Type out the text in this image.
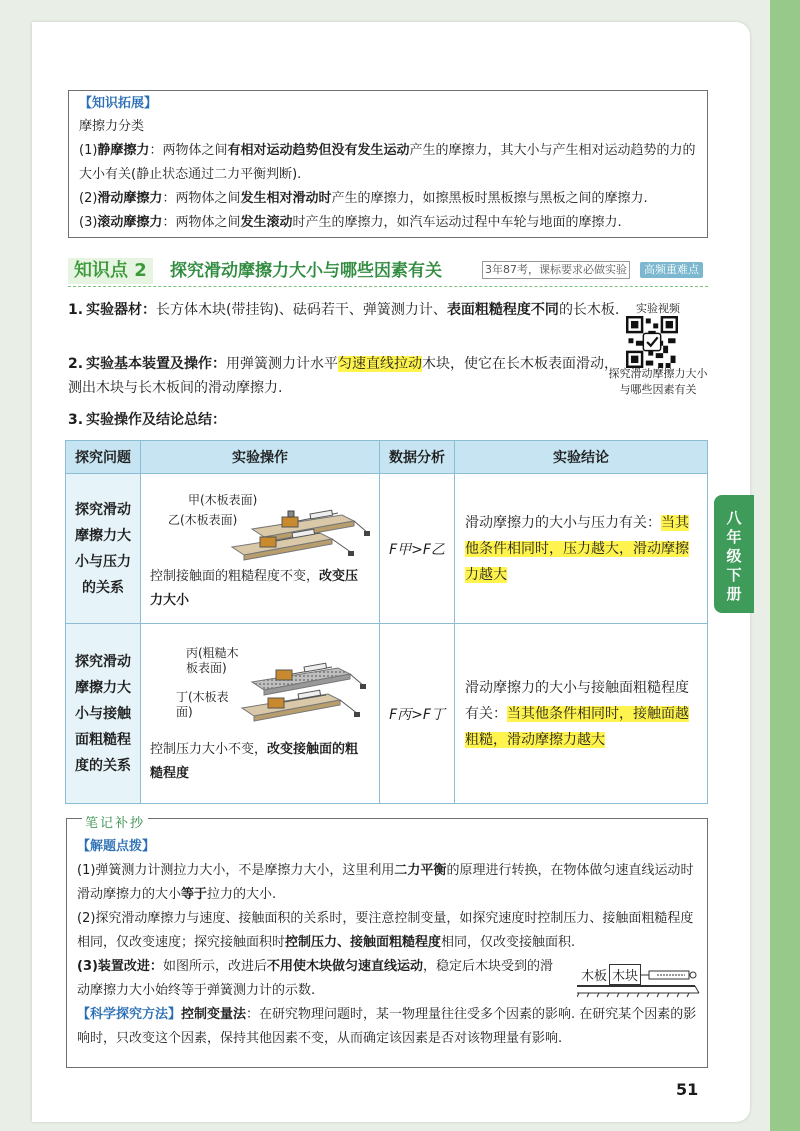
八年级下册
【知识拓展】
摩擦力分类

(1)静摩擦力：两物体之间有相对运动趋势但没有发生运动产生的摩擦力，其大小与产生相对运动趋势的力的大小有关(静止状态通过二力平衡判断).

(2)滑动摩擦力：两物体之间发生相对滑动时产生的摩擦力，如擦黑板时黑板擦与黑板之间的摩擦力.

(3)滚动摩擦力：两物体之间发生滚动时产生的摩擦力，如汽车运动过程中车轮与地面的摩擦力.

知识点 2	探究滑动摩擦力大小与哪些因素有关	3年87考，课标要求必做实验	高频重难点
实验视频
探究滑动摩擦力大小与哪些因素有关
1. 实验器材：长方体木块(带挂钩)、砝码若干、弹簧测力计、表面粗糙程度不同的长木板.
2. 实验基本装置及操作：用弹簧测力计水平匀速直线拉动木块，使它在长木板表面滑动，测出木块与长木板间的滑动摩擦力.
3. 实验操作及结论总结：
探究问题	实验操作	数据分析	实验结论
探究滑动摩擦力大小与压力的关系	甲(木板表面)
乙(木板表面)
控制接触面的粗糙程度不变，改变压力大小	F甲>F乙	滑动摩擦力的大小与压力有关：当其他条件相同时，压力越大，滑动摩擦力越大
探究滑动摩擦力大小与接触面粗糙程度的关系	丙(粗糙木板表面)
丁(木板表面)
控制压力大小不变，改变接触面的粗糙程度	F丙>F丁	滑动摩擦力的大小与接触面粗糙程度有关：当其他条件相同时，接触面越粗糙，滑动摩擦力越大
【解题点拨】

(1)弹簧测力计测拉力大小，不是摩擦力大小，这里利用二力平衡的原理进行转换，在物体做匀速直线运动时滑动摩擦力的大小等于拉力的大小.

(2)探究滑动摩擦力与速度、接触面积的关系时，要注意控制变量，如探究速度时控制压力、接触面粗糙程度相同，仅改变速度；探究接触面积时控制压力、接触面粗糙程度相同，仅改变接触面积.

(3)装置改进：如图所示，改进后不用使木块做匀速直线运动，稳定后木块受到的滑动摩擦力大小始终等于弹簧测力计的示数.

【科学探究方法】控制变量法：在研究物理问题时，某一物理量往往受多个因素的影响. 在研究某个因素的影响时，只改变这个因素，保持其他因素不变，从而确定该因素是否对该物理量有影响.

木板 木块
笔记补抄
51
